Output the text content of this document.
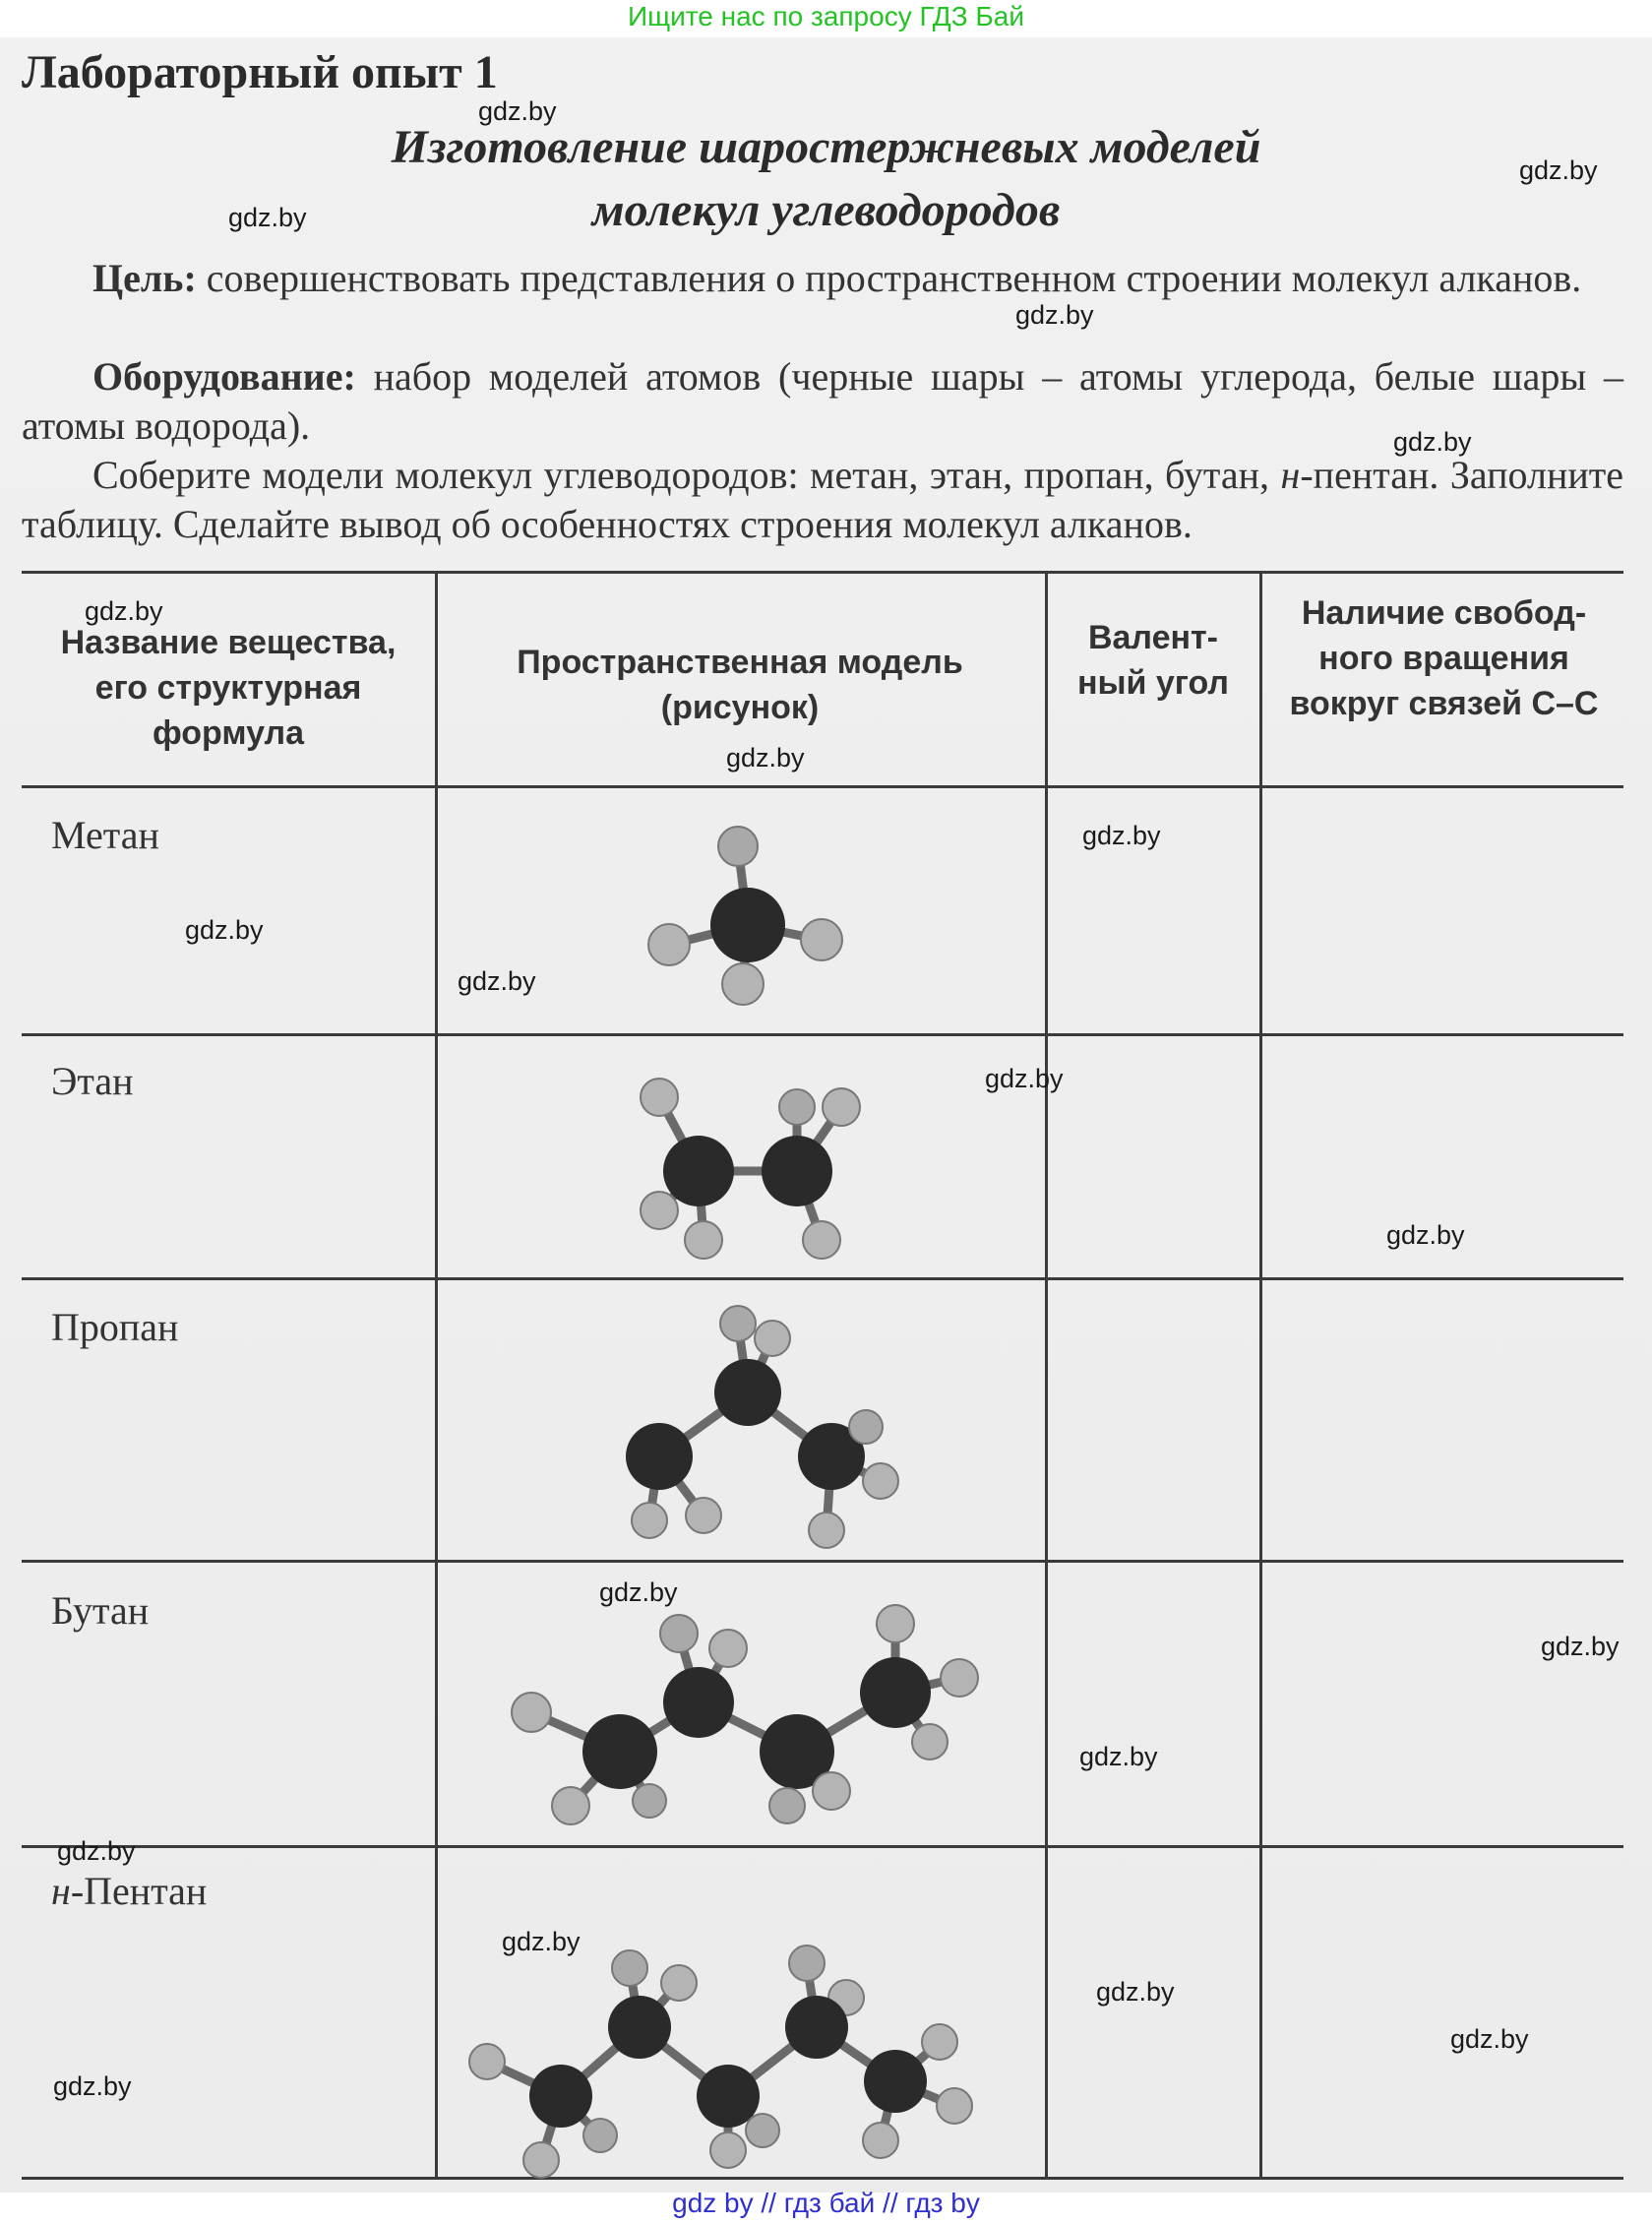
Ищите нас по запросу ГДЗ Бай
Лабораторный опыт 1
Изготовление шаростержневых моделей
молекул углеводородов

Цель: совершенствовать представления о пространственном строении молекул алканов.

Оборудование: набор моделей атомов (черные шары – атомы углерода, белые шары – атомы водорода).

Соберите модели молекул углеводородов: метан, этан, пропан, бутан, н-пентан. Заполните таблицу. Сделайте вывод об особенностях строения молекул алканов.

Название вещества, его структурная формула
Пространственная модель (рисунок)
Валент-ный угол
Наличие свобод-ного вращения вокруг связей С–С
Метан
Этан
Пропан
Бутан
н-Пентан
gdz.by
gdz.by
gdz.by
gdz.by
gdz.by
gdz.by
gdz.by
gdz.by
gdz.by
gdz.by
gdz.by
gdz.by
gdz.by
gdz.by
gdz.by
gdz.by
gdz.by
gdz.by
gdz.by
gdz.by
gdz by // гдз бай // гдз by
